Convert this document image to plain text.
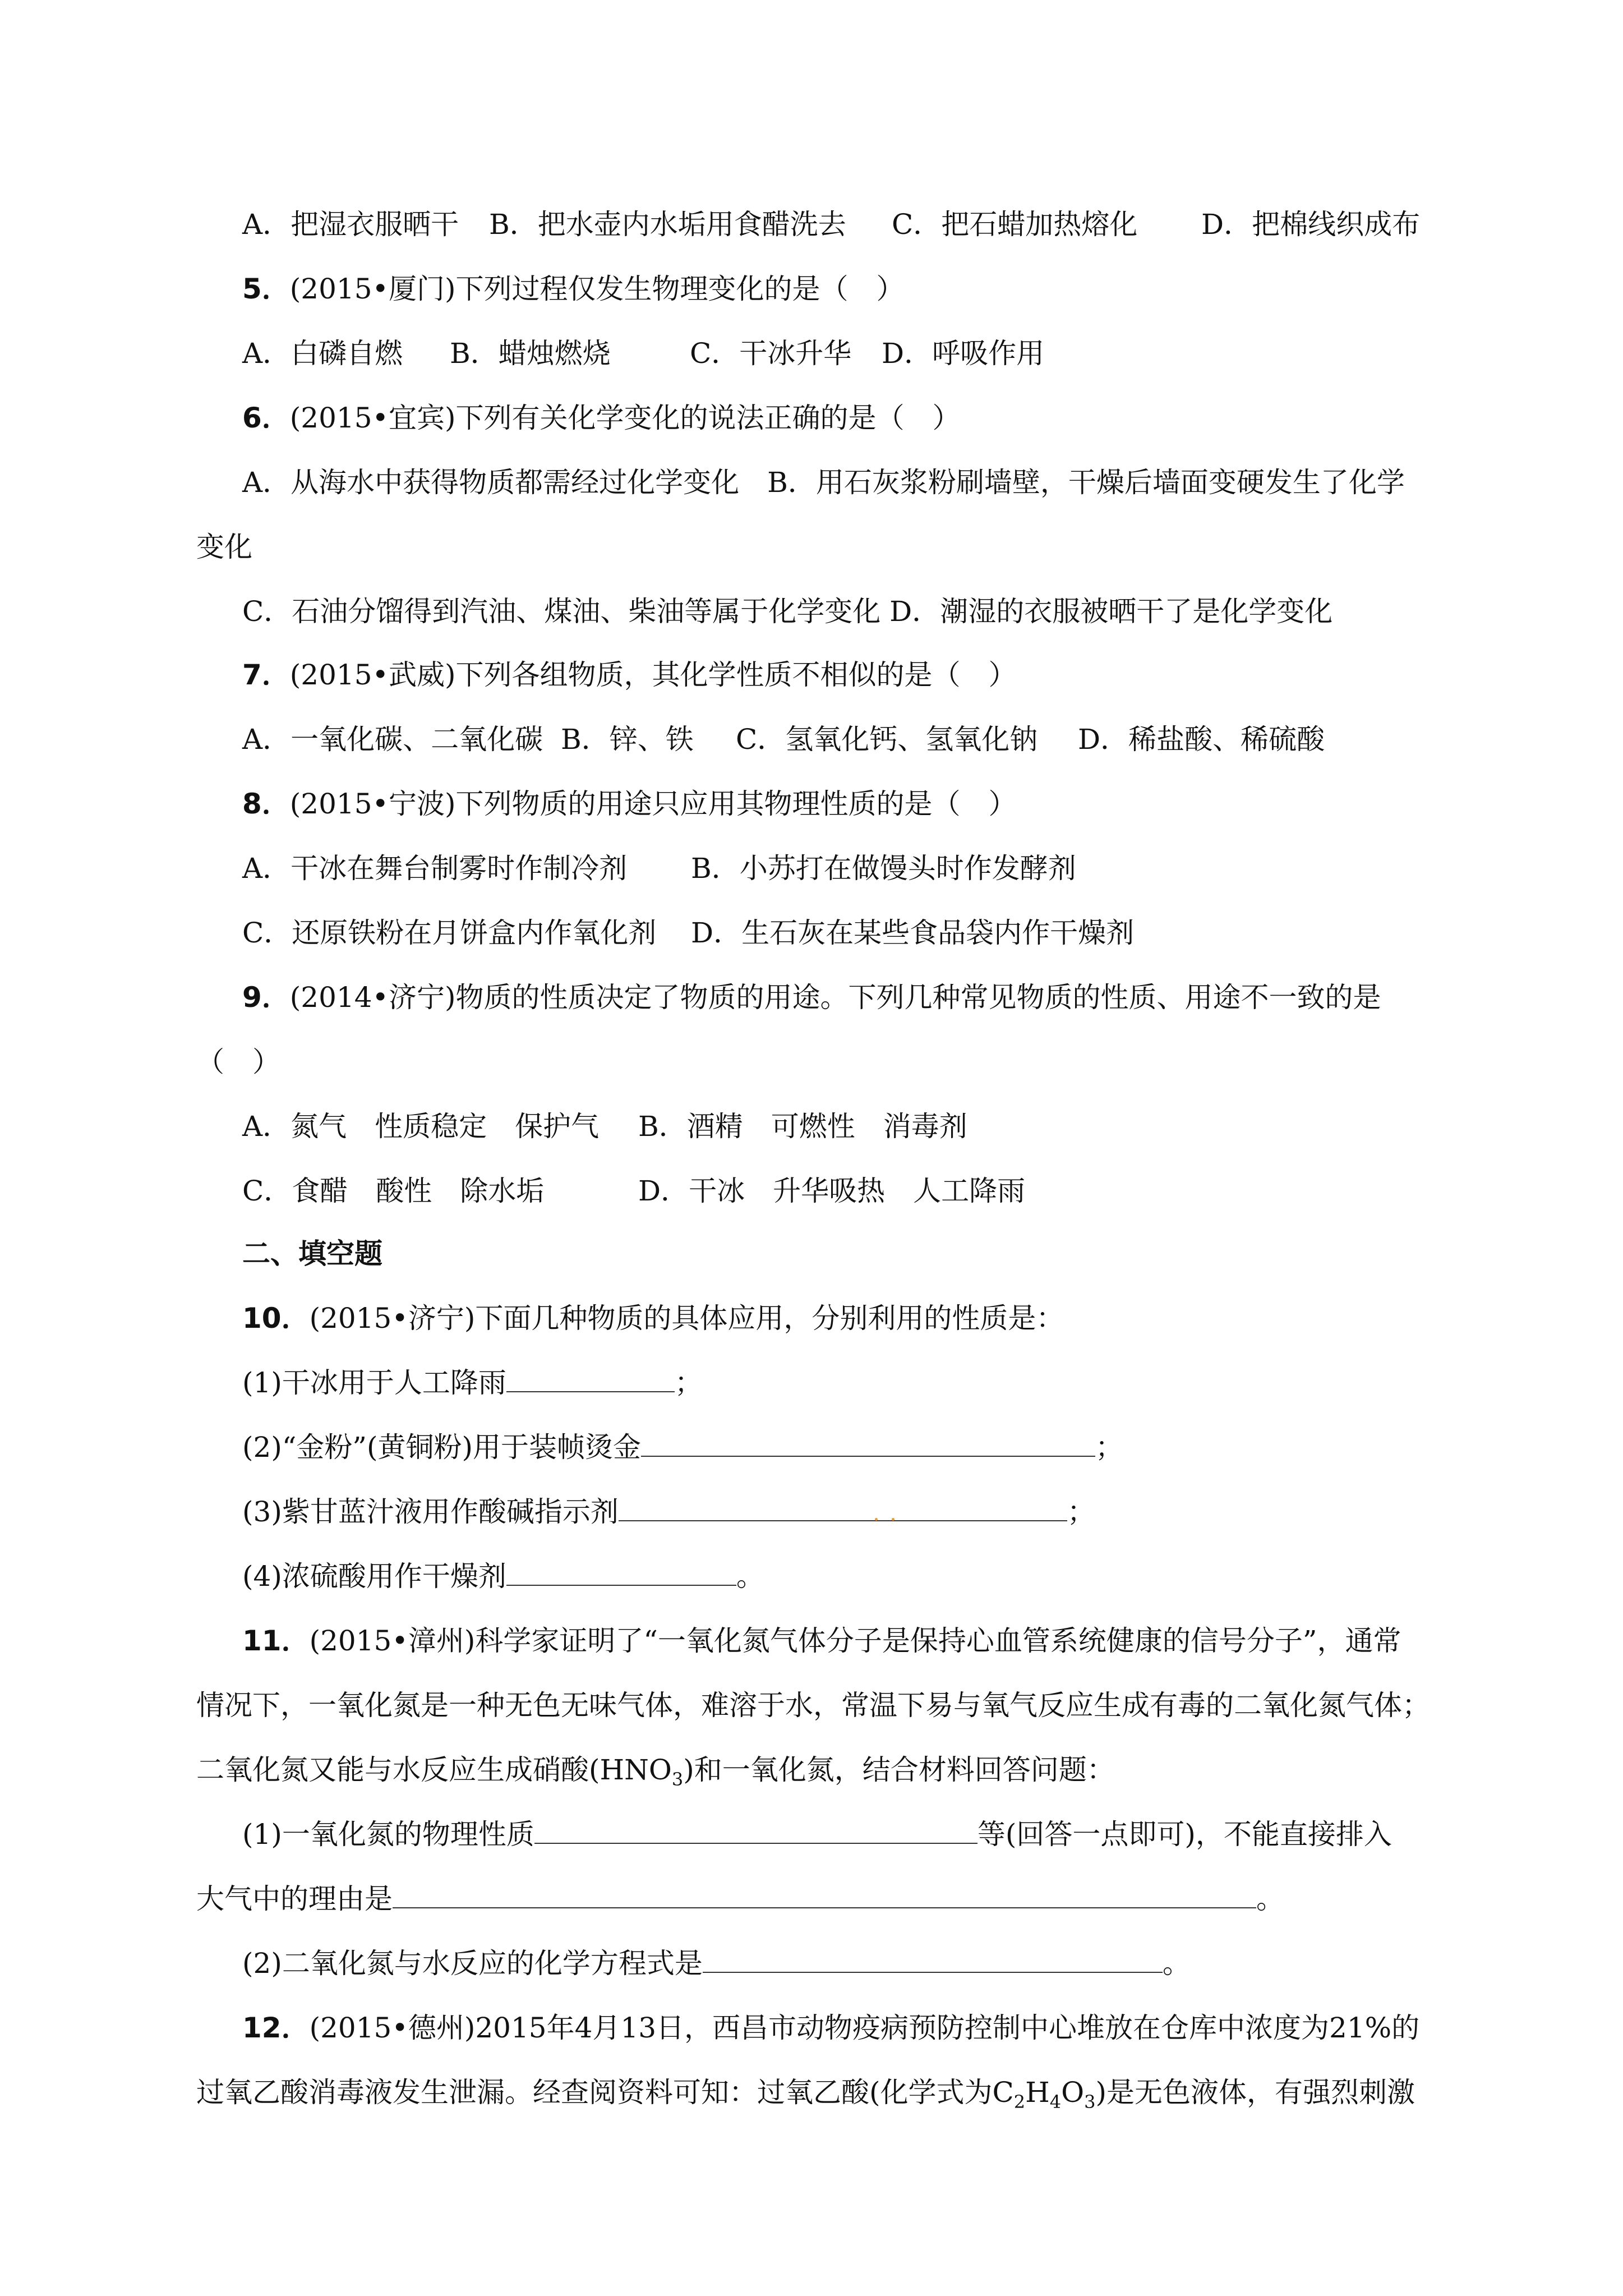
A．把湿衣服晒干

B．把水壶内水垢用食醋洗去

C．把石蜡加热熔化

D．把棉线织成布

5．(2015•厦门)下列过程仅发生物理变化的是（　）

A．白磷自燃

B．蜡烛燃烧

	C．干冰升华

D．呼吸作用

6．(2015•宜宾)下列有关化学变化的说法正确的是（　）
A．从海水中获得物质都需经过化学变化　B．用石灰浆粉刷墙壁，干燥后墙面变硬发生了化学
变化
C．石油分馏得到汽油、煤油、柴油等属于化学变化 D．潮湿的衣服被晒干了是化学变化
7．(2015•武威)下列各组物质，其化学性质不相似的是（　）

A．一氧化碳、二氧化碳

B．锌、铁

C．氢氧化钙、氢氧化钠

D．稀盐酸、稀硫酸

8．(2015•宁波)下列物质的用途只应用其物理性质的是（　）

A．干冰在舞台制雾时作制冷剂

B．小苏打在做馒头时作发酵剂

C．还原铁粉在月饼盒内作氧化剂

D．生石灰在某些食品袋内作干燥剂

9．(2014•济宁)物质的性质决定了物质的用途。下列几种常见物质的性质、用途不一致的是
（　）

A．氮气　性质稳定　保护气

B．酒精　可燃性　消毒剂

C．食醋　酸性　除水垢

	D．干冰　升华吸热　人工降雨

二、填空题
10．(2015•济宁)下面几种物质的具体应用，分别利用的性质是：
(1)干冰用于人工降雨	；
(2)“金粉”(黄铜粉)用于装帧烫金	；
(3)紫甘蓝汁液用作酸碱指示剂	；
(4)浓硫酸用作干燥剂	。
11．(2015•漳州)科学家证明了“一氧化氮气体分子是保持心血管系统健康的信号分子”，通常
情况下，一氧化氮是一种无色无味气体，难溶于水，常温下易与氧气反应生成有毒的二氧化氮气体；
二氧化氮又能与水反应生成硝酸$(HNO_3)$和一氧化氮，结合材料回答问题：
(1)一氧化氮的物理性质	等(回答一点即可)，不能直接排入
大气中的理由是	。
(2)二氧化氮与水反应的化学方程式是	。
12．(2015•德州)2015年4月13日，西昌市动物疫病预防控制中心堆放在仓库中浓度为21%的
过氧乙酸消毒液发生泄漏。经查阅资料可知：过氧乙酸(化学式为$C_2H_4O_3$)是无色液体，有强烈刺激
